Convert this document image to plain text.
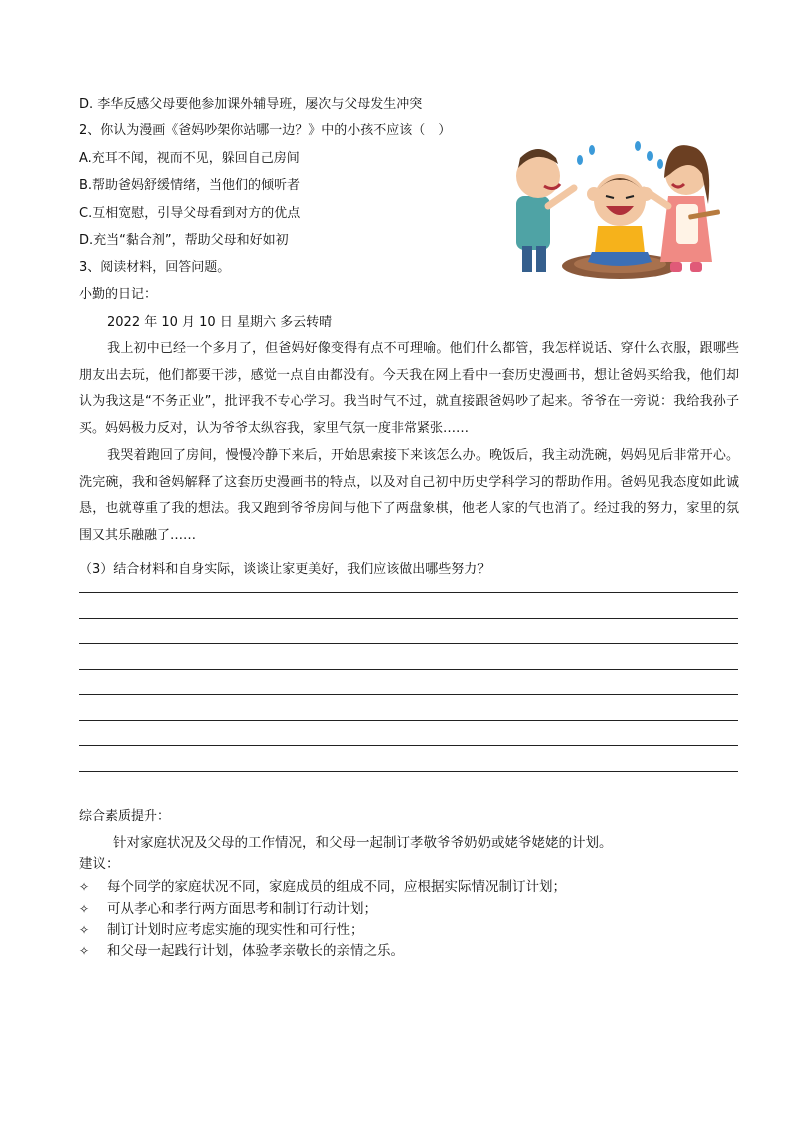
D. 李华反感父母要他参加课外辅导班，屡次与父母发生冲突
2、你认为漫画《爸妈吵架你站哪一边？》中的小孩不应该（　）
A.充耳不闻，视而不见，躲回自己房间
B.帮助爸妈舒缓情绪，当他们的倾听者
C.互相宽慰，引导父母看到对方的优点
D.充当“黏合剂”，帮助父母和好如初
3、阅读材料，回答问题。
小勤的日记：
2022 年 10 月 10 日 星期六 多云转晴
我上初中已经一个多月了，但爸妈好像变得有点不可理喻。他们什么都管，我怎样说话、穿什么衣服，跟哪些朋友出去玩，他们都要干涉，感觉一点自由都没有。今天我在网上看中一套历史漫画书，想让爸妈买给我，他们却认为我这是“不务正业”，批评我不专心学习。我当时气不过，就直接跟爸妈吵了起来。爷爷在一旁说：我给我孙子买。妈妈极力反对，认为爷爷太纵容我，家里气氛一度非常紧张……
我哭着跑回了房间，慢慢冷静下来后，开始思索接下来该怎么办。晚饭后，我主动洗碗，妈妈见后非常开心。洗完碗，我和爸妈解释了这套历史漫画书的特点，以及对自己初中历史学科学习的帮助作用。爸妈见我态度如此诚恳，也就尊重了我的想法。我又跑到爷爷房间与他下了两盘象棋，他老人家的气也消了。经过我的努力，家里的氛围又其乐融融了……
（3）结合材料和自身实际，谈谈让家更美好，我们应该做出哪些努力？
综合素质提升：
针对家庭状况及父母的工作情况，和父母一起制订孝敬爷爷奶奶或姥爷姥姥的计划。
建议：
✧ 每个同学的家庭状况不同，家庭成员的组成不同，应根据实际情况制订计划；
✧ 可从孝心和孝行两方面思考和制订行动计划；
✧ 制订计划时应考虑实施的现实性和可行性；
✧ 和父母一起践行计划，体验孝亲敬长的亲情之乐。
